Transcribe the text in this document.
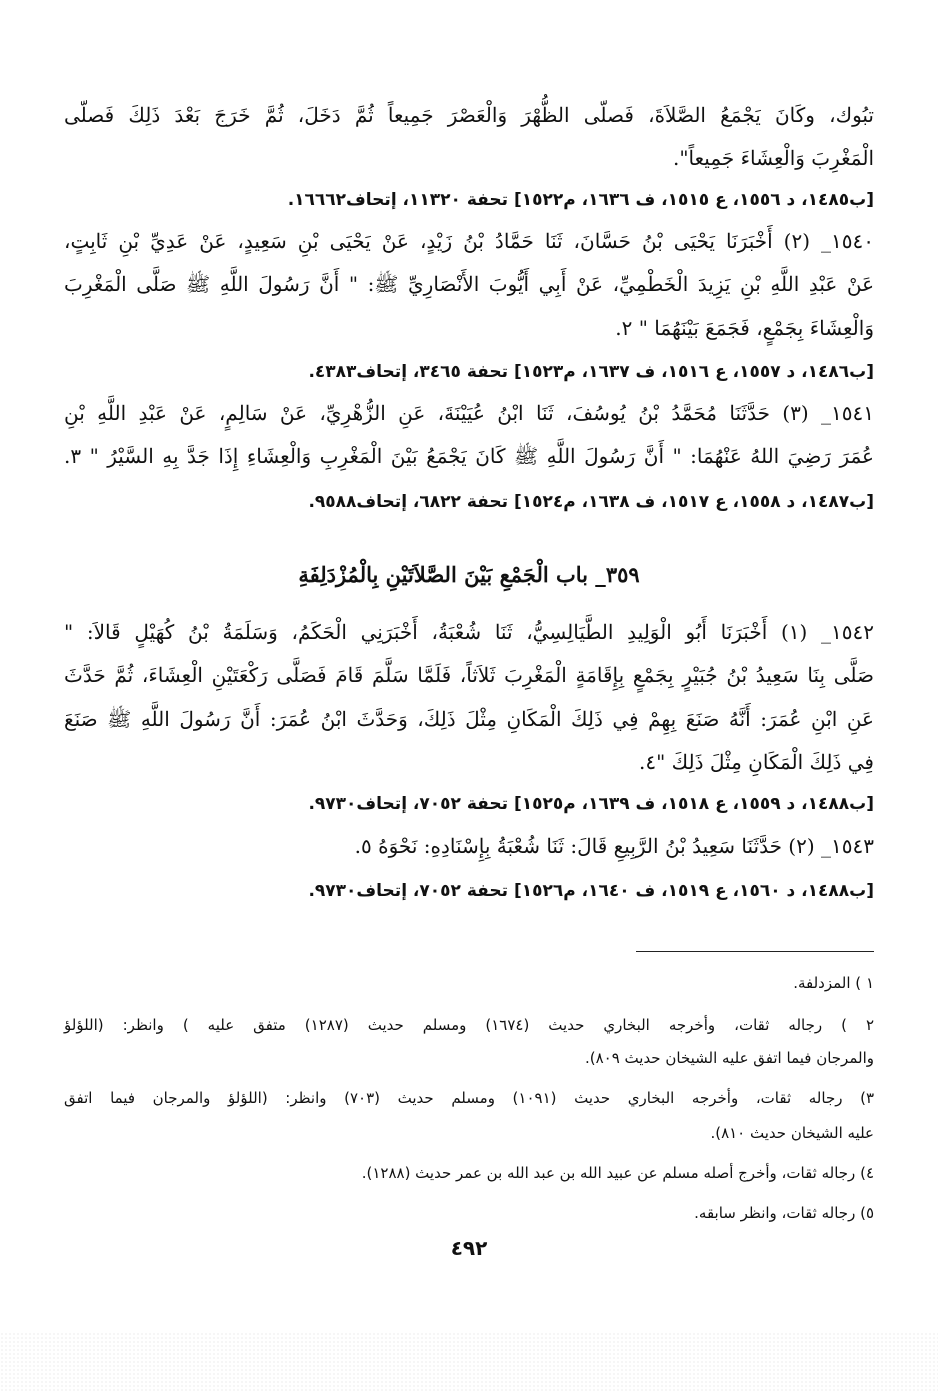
تبُوك، وكَانَ يَجْمَعُ الصَّلاَةَ، فَصلّى الظُّهْرَ وَالْعَصْرَ جَمِيعاً ثُمَّ دَخَلَ، ثُمَّ خَرَجَ بَعْدَ ذَلِكَ فَصلّى
الْمَغْرِبَ وَالْعِشَاءَ جَمِيعاً".
[ب١٤٨٥، د ١٥٥٦، ع ١٥١٥، ف ١٦٣٦، م١٥٢٢] تحفة ١١٣٢٠، إتحاف١٦٦٦٢.
١٥٤٠_ (٢) أَخْبَرَنَا يَحْيَى بْنُ حَسَّانَ، ثَنَا حَمَّادُ بْنُ زَيْدٍ، عَنْ يَحْيَى بْنِ سَعِيدٍ، عَنْ عَدِيِّ بْنِ ثَابِتٍ،
عَنْ عَبْدِ اللَّهِ بْنِ يَزِيدَ الْخَطْمِيِّ، عَنْ أَبِي أَيُّوبَ الأَنْصَارِيِّ ﷺ: " أَنَّ رَسُولَ اللَّهِ ﷺ صَلَّى الْمَغْرِبَ
وَالْعِشَاءَ بِجَمْعٍ، فَجَمَعَ بَيْنَهُمَا " ٢.
[ب١٤٨٦، د ١٥٥٧، ع ١٥١٦، ف ١٦٣٧، م١٥٢٣] تحفة ٣٤٦٥، إتحاف٤٣٨٣.
١٥٤١_ (٣) حَدَّثَنَا مُحَمَّدُ بْنُ يُوسُفَ، ثَنَا ابْنُ عُيَيْنَةَ، عَنِ الزُّهْرِيِّ، عَنْ سَالِمٍ، عَنْ عَبْدِ اللَّهِ بْنِ
عُمَرَ رَضِيَ اللهُ عَنْهُمَا: " أَنَّ رَسُولَ اللَّهِ ﷺ كَانَ يَجْمَعُ بَيْنَ الْمَغْرِبِ وَالْعِشَاءِ إِذَا جَدَّ بِهِ السَّيْرُ " ٣.
[ب١٤٨٧، د ١٥٥٨، ع ١٥١٧، ف ١٦٣٨، م١٥٢٤] تحفة ٦٨٢٢، إتحاف٩٥٨٨.
٣٥٩_ باب الْجَمْعِ بَيْنَ الصَّلاَتَيْنِ بِالْمُزْدَلِفَةِ
١٥٤٢_ (١) أَخْبَرَنَا أَبُو الْوَلِيدِ الطَّيَالِسِيُّ، ثَنَا شُعْبَةُ، أَخْبَرَنِي الْحَكَمُ، وَسَلَمَةُ بْنُ كُهَيْلٍ قَالاَ: "
صَلَّى بِنَا سَعِيدُ بْنُ جُبَيْرٍ بِجَمْعٍ بِإِقَامَةٍ الْمَغْرِبَ ثَلاَثاً، فَلَمَّا سَلَّمَ قَامَ فَصَلَّى رَكْعَتَيْنِ الْعِشَاءَ، ثُمَّ حَدَّثَ
عَنِ ابْنِ عُمَرَ: أَنَّهُ صَنَعَ بِهِمْ فِي ذَلِكَ الْمَكَانِ مِثْلَ ذَلِكَ، وَحَدَّثَ ابْنُ عُمَرَ: أَنَّ رَسُولَ اللَّهِ ﷺ صَنَعَ
فِي ذَلِكَ الْمَكَانِ مِثْلَ ذَلِكَ "٤.
[ب١٤٨٨، د ١٥٥٩، ع ١٥١٨، ف ١٦٣٩، م١٥٢٥] تحفة ٧٠٥٢، إتحاف٩٧٣٠.
١٥٤٣_ (٢) حَدَّثَنَا سَعِيدُ بْنُ الرَّبِيعِ قَالَ: ثَنَا شُعْبَةُ بِإِسْنَادِهِ: نَحْوَهُ ٥.
[ب١٤٨٨، د ١٥٦٠، ع ١٥١٩، ف ١٦٤٠، م١٥٢٦] تحفة ٧٠٥٢، إتحاف٩٧٣٠.
١ ) المزدلفة.
٢ ) رجاله ثقات، وأخرجه البخاري حديث (١٦٧٤) ومسلم حديث (١٢٨٧) متفق عليه ) وانظر: (اللؤلؤ
والمرجان فيما اتفق عليه الشيخان حديث ٨٠٩).
٣) رجاله ثقات، وأخرجه البخاري حديث (١٠٩١) ومسلم حديث (٧٠٣) وانظر: (اللؤلؤ والمرجان فيما اتفق
عليه الشيخان حديث ٨١٠).
٤) رجاله ثقات، وأخرج أصله مسلم عن عبيد الله بن عبد الله بن عمر حديث (١٢٨٨).
٥) رجاله ثقات، وانظر سابقه.
٤٩٢
